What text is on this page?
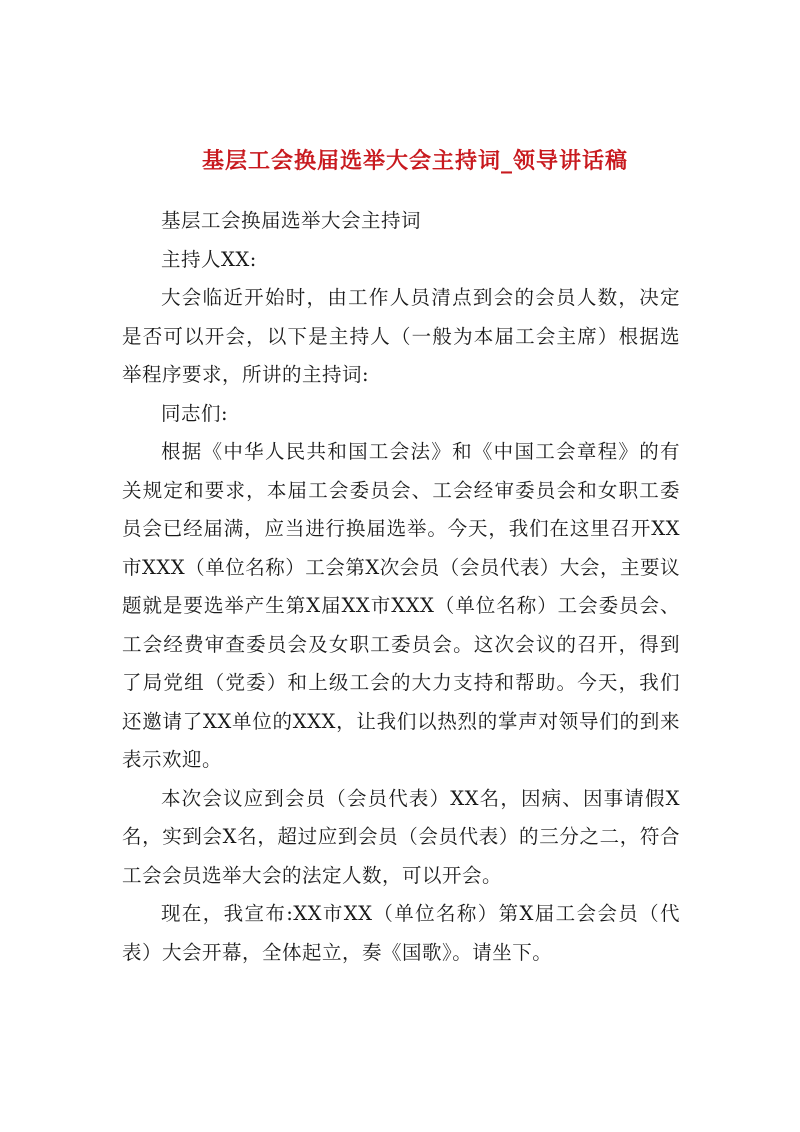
基层工会换届选举大会主持词_领导讲话稿

基层工会换届选举大会主持词

主持人XX:

大会临近开始时，由工作人员清点到会的会员人数，决定是否可以开会，以下是主持人（一般为本届工会主席）根据选举程序要求，所讲的主持词:

同志们:

根据《中华人民共和国工会法》和《中国工会章程》的有关规定和要求，本届工会委员会、工会经审委员会和女职工委员会已经届满，应当进行换届选举。今天，我们在这里召开XX市XXX（单位名称）工会第X次会员（会员代表）大会，主要议题就是要选举产生第X届XX市XXX（单位名称）工会委员会、工会经费审查委员会及女职工委员会。这次会议的召开，得到了局党组（党委）和上级工会的大力支持和帮助。今天，我们还邀请了XX单位的XXX，让我们以热烈的掌声对领导们的到来表示欢迎。

本次会议应到会员（会员代表）XX名，因病、因事请假X名，实到会X名，超过应到会员（会员代表）的三分之二，符合工会会员选举大会的法定人数，可以开会。

现在，我宣布:XX市XX（单位名称）第X届工会会员（代表）大会开幕，全体起立，奏《国歌》。请坐下。
